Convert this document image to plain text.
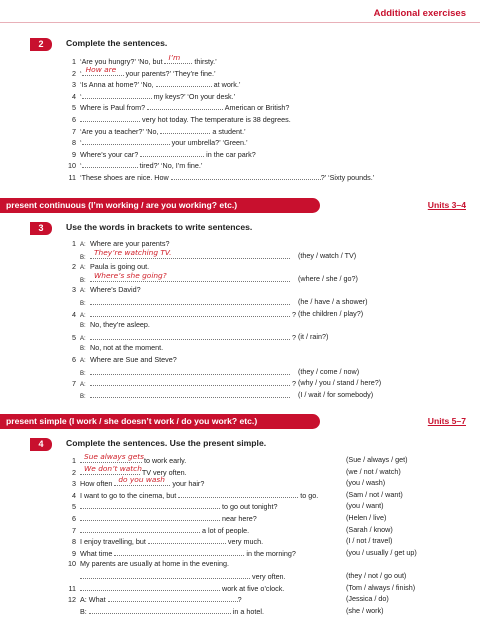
Additional exercises
2	Complete the sentences.
1 ‘Are you hungry?’ ‘No, but I’m thirsty.’
2 ‘ How are your parents?’ ‘They’re fine.’
3 ‘Is Anna at home?’ ‘No,	at work.’
4 ‘	my keys?’ ‘On your desk.’
5 Where is Paul from?	American or British?
6	very hot today. The temperature is 38 degrees.
7 ‘Are you a teacher?’ ‘No,	a student.’
8 ‘	your umbrella?’ ‘Green.’
9 Where’s your car?	in the car park?
10 ‘	tired?’ ‘No, I’m fine.’
11 ‘These shoes are nice. How	?’ ‘Sixty pounds.’
present continuous (I’m working / are you working? etc.)	Units 3–4
3	Use the words in brackets to write sentences.
1 A: Where are your parents?
B:
They’re watching TV.	(they / watch / TV)
2 A: Paula is going out.
B:
Where’s she going?	(where / she / go?)
3 A: Where’s David?
B:	(he / have / a shower)
4 A:	? (the children / play?)
B: No, they’re asleep.
5 A:	? (it / rain?)
B: No, not at the moment.
6 A: Where are Sue and Steve?
B:	(they / come / now)
7 A:	? (why / you / stand / here?)
B:	(I / wait / for somebody)
present simple (I work / she doesn’t work / do you work? etc.)	Units 5–7
4	Complete the sentences. Use the present simple.
1 Sue always gets
to work early.	(Sue / always / get)
2 We don’t watch
TV very often.	(we / not / watch)
3 How often do you wash your hair?	(you / wash)
4 I want to go to the cinema, but	to go.	(Sam / not / want)
5	to go out tonight?	(you / want)
6	near here?	(Helen / live)
7	a lot of people.	(Sarah / know)
8 I enjoy travelling, but	very much.	(I / not / travel)
9 What time	in the morning?	(you / usually / get up)
10 My parents are usually at home in the evening.
very often.	(they / not / go out)
11	work at five o’clock.	(Tom / always / finish)
12 A: What	?	(Jessica / do)
B:	in a hotel.	(she / work)
